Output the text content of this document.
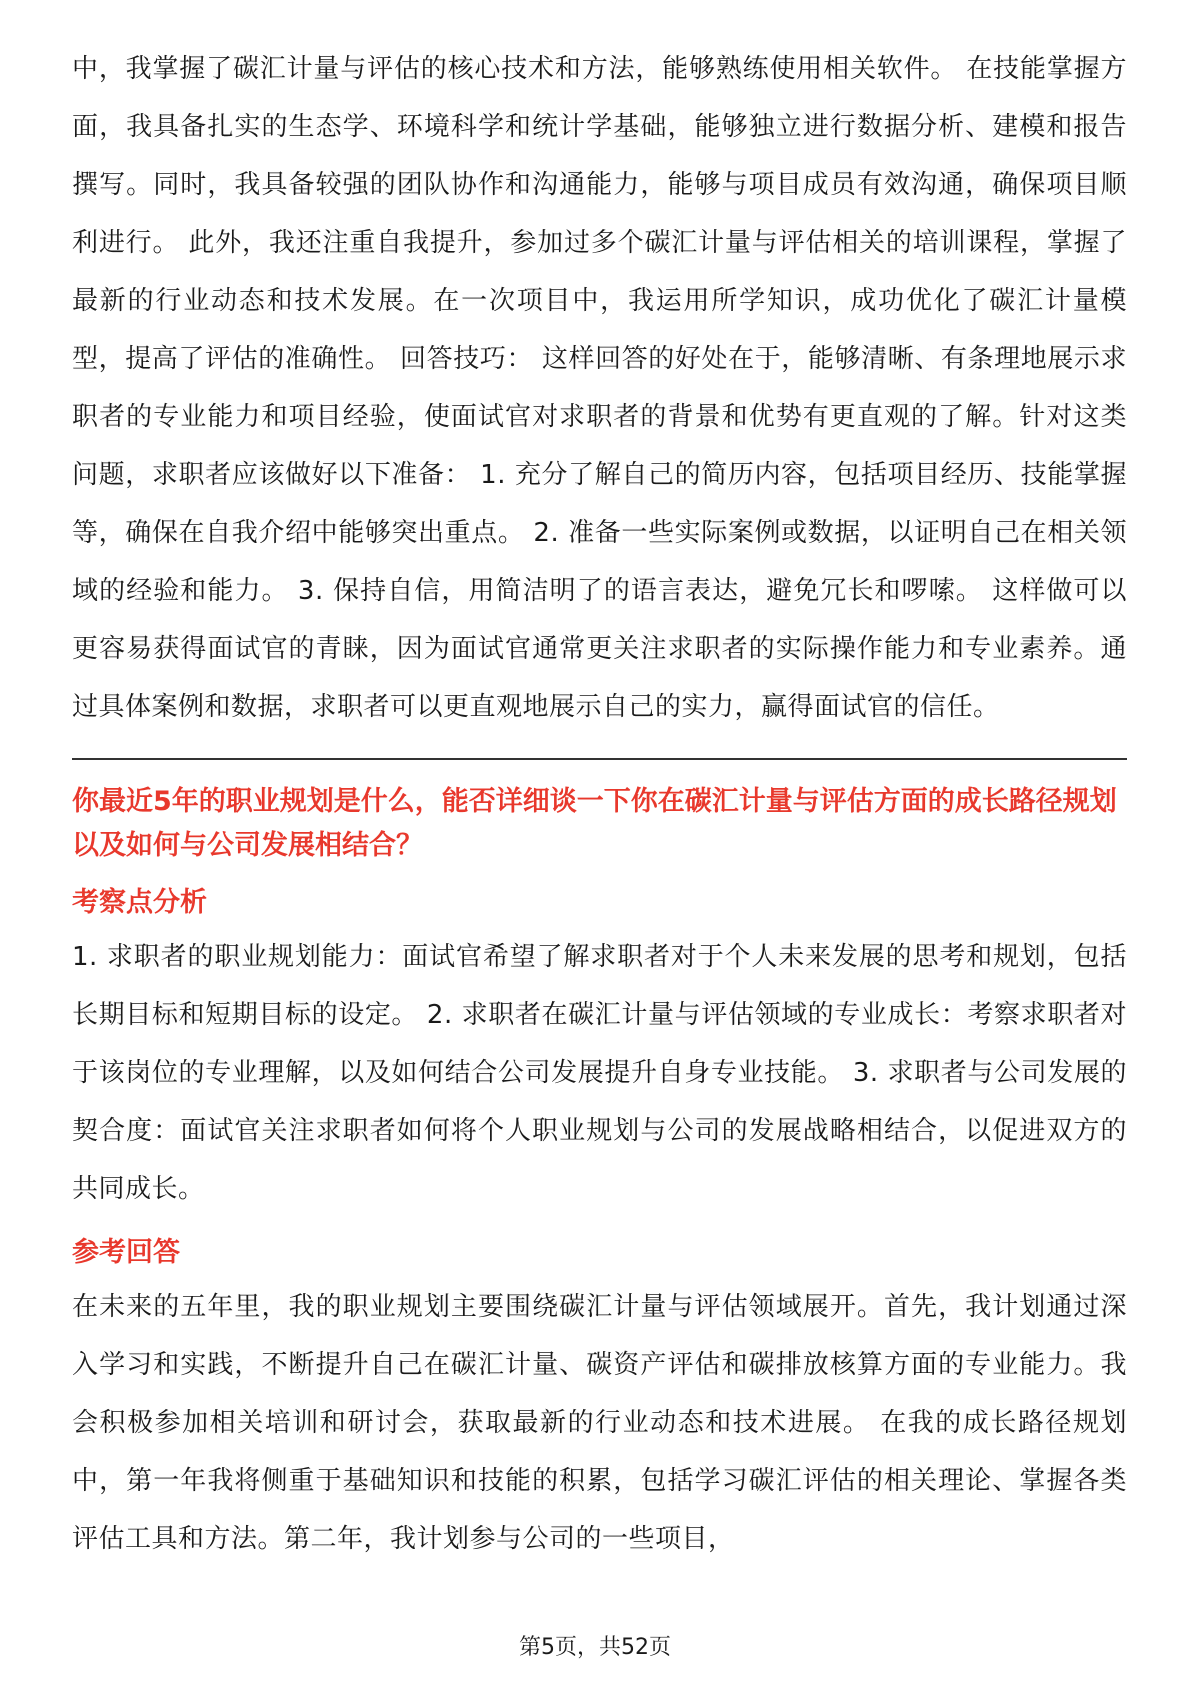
中，我掌握了碳汇计量与评估的核心技术和方法，能够熟练使用相关软件。 在技能掌握方面，我具备扎实的生态学、环境科学和统计学基础，能够独立进行数据分析、建模和报告撰写。同时，我具备较强的团队协作和沟通能力，能够与项目成员有效沟通，确保项目顺利进行。 此外，我还注重自我提升，参加过多个碳汇计量与评估相关的培训课程，掌握了最新的行业动态和技术发展。在一次项目中，我运用所学知识，成功优化了碳汇计量模型，提高了评估的准确性。 回答技巧： 这样回答的好处在于，能够清晰、有条理地展示求职者的专业能力和项目经验，使面试官对求职者的背景和优势有更直观的了解。针对这类问题，求职者应该做好以下准备： 1. 充分了解自己的简历内容，包括项目经历、技能掌握等，确保在自我介绍中能够突出重点。 2. 准备一些实际案例或数据，以证明自己在相关领域的经验和能力。 3. 保持自信，用简洁明了的语言表达，避免冗长和啰嗦。 这样做可以更容易获得面试官的青睐，因为面试官通常更关注求职者的实际操作能力和专业素养。通过具体案例和数据，求职者可以更直观地展示自己的实力，赢得面试官的信任。

你最近5年的职业规划是什么，能否详细谈一下你在碳汇计量与评估方面的成长路径规划以及如何与公司发展相结合？

考察点分析

1. 求职者的职业规划能力：面试官希望了解求职者对于个人未来发展的思考和规划，包括长期目标和短期目标的设定。 2. 求职者在碳汇计量与评估领域的专业成长：考察求职者对于该岗位的专业理解，以及如何结合公司发展提升自身专业技能。 3. 求职者与公司发展的契合度：面试官关注求职者如何将个人职业规划与公司的发展战略相结合，以促进双方的共同成长。

参考回答

在未来的五年里，我的职业规划主要围绕碳汇计量与评估领域展开。首先，我计划通过深入学习和实践，不断提升自己在碳汇计量、碳资产评估和碳排放核算方面的专业能力。我会积极参加相关培训和研讨会，获取最新的行业动态和技术进展。 在我的成长路径规划中，第一年我将侧重于基础知识和技能的积累，包括学习碳汇评估的相关理论、掌握各类评估工具和方法。第二年，我计划参与公司的一些项目，

第5页，共52页
